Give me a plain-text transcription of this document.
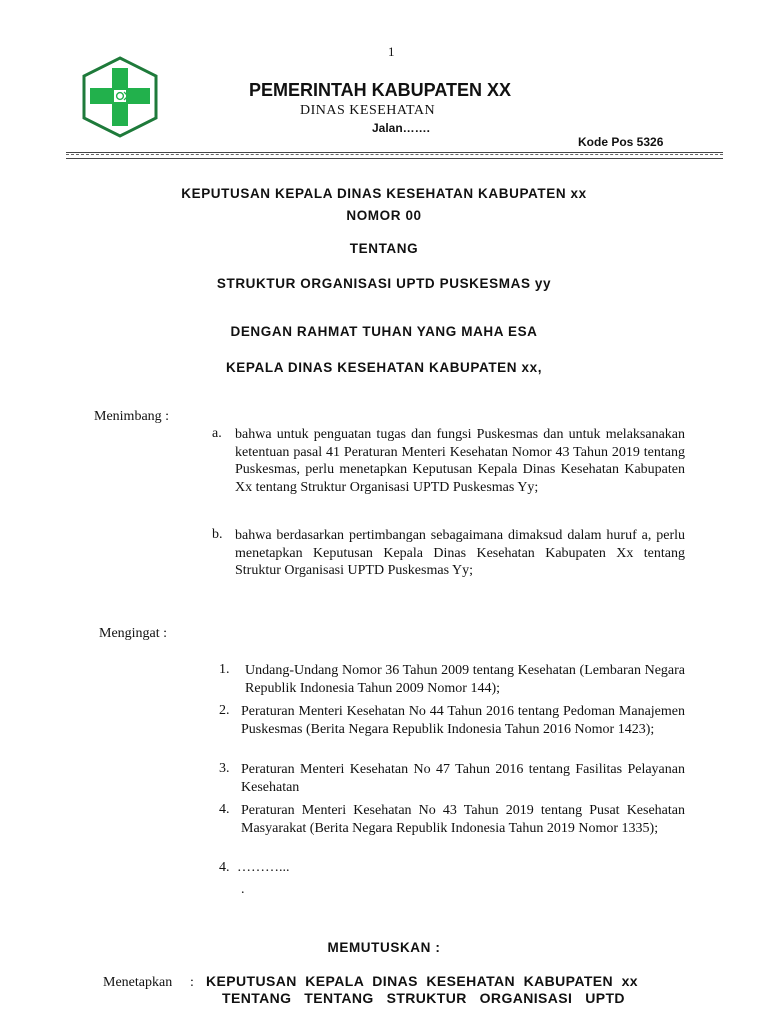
1
PEMERINTAH KABUPATEN XX
DINAS KESEHATAN
Jalan…….
Kode Pos 5326
KEPUTUSAN KEPALA DINAS KESEHATAN KABUPATEN xx
NOMOR 00
TENTANG
STRUKTUR ORGANISASI UPTD PUSKESMAS yy
DENGAN RAHMAT TUHAN YANG MAHA ESA
KEPALA DINAS KESEHATAN KABUPATEN xx,
Menimbang :
a. bahwa untuk penguatan tugas dan fungsi Puskesmas dan untuk melaksanakan ketentuan pasal 41 Peraturan Menteri Kesehatan Nomor 43 Tahun 2019 tentang Puskesmas, perlu menetapkan Keputusan Kepala Dinas Kesehatan Kabupaten Xx tentang Struktur Organisasi UPTD Puskesmas Yy;
b. bahwa berdasarkan pertimbangan sebagaimana dimaksud dalam huruf a, perlu menetapkan Keputusan Kepala Dinas Kesehatan Kabupaten Xx tentang Struktur Organisasi UPTD Puskesmas Yy;
Mengingat :
1. Undang-Undang Nomor 36 Tahun 2009 tentang Kesehatan (Lembaran Negara Republik Indonesia Tahun 2009 Nomor 144);
2. Peraturan Menteri Kesehatan No 44 Tahun 2016 tentang Pedoman Manajemen Puskesmas (Berita Negara Republik Indonesia Tahun 2016 Nomor 1423);
3. Peraturan Menteri Kesehatan No 47 Tahun 2016 tentang Fasilitas Pelayanan Kesehatan
4. Peraturan Menteri Kesehatan No 43 Tahun 2019 tentang Pusat Kesehatan Masyarakat (Berita Negara Republik Indonesia Tahun 2019 Nomor 1335);
4. ………...
.
MEMUTUSKAN :
Menetapkan : KEPUTUSAN  KEPALA  DINAS  KESEHATAN  KABUPATEN  xx
TENTANG   TENTANG   STRUKTUR   ORGANISASI   UPTD
